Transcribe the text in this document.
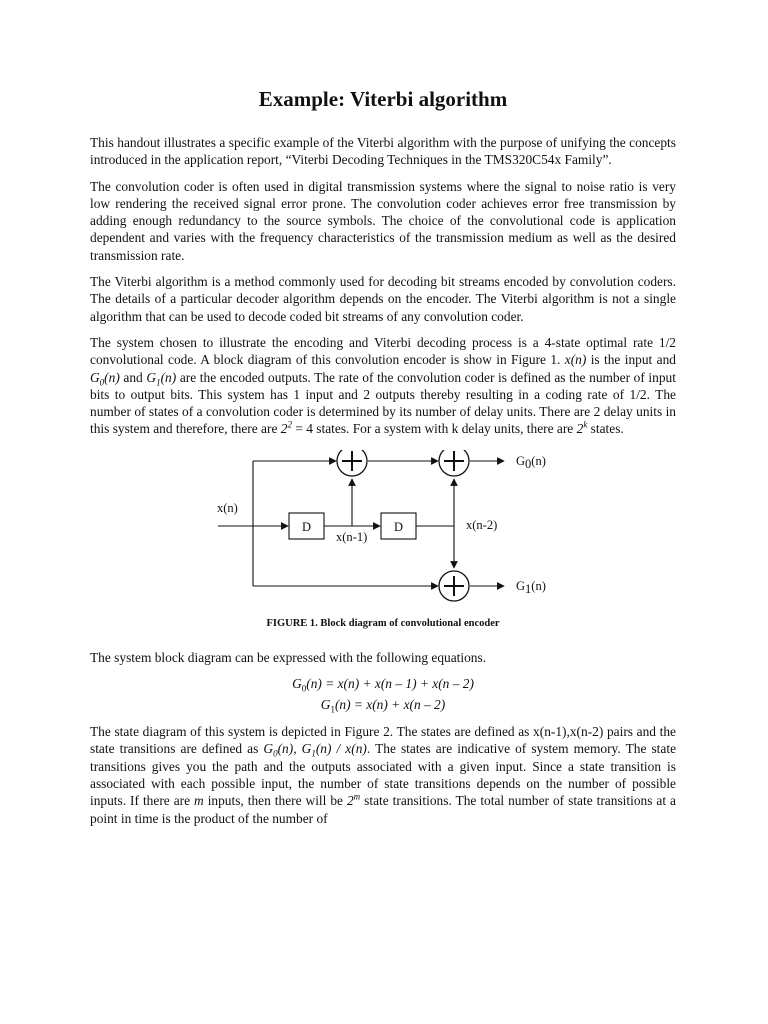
Example: Viterbi algorithm

This handout illustrates a specific example of the Viterbi algorithm with the purpose of unifying the concepts introduced in the application report, “Viterbi Decoding Techniques in the TMS320C54x Family”.

The convolution coder is often used in digital transmission systems where the signal to noise ratio is very low rendering the received signal error prone. The convolution coder achieves error free transmission by adding enough redundancy to the source symbols. The choice of the convolutional code is application dependent and varies with the frequency characteristics of the transmission medium as well as the desired transmission rate.

The Viterbi algorithm is a method commonly used for decoding bit streams encoded by convolution coders. The details of a particular decoder algorithm depends on the encoder. The Viterbi algorithm is not a single algorithm that can be used to decode coded bit streams of any convolution coder.

The system chosen to illustrate the encoding and Viterbi decoding process is a 4-state optimal rate 1/2 convolutional code. A block diagram of this convolution encoder is show in Figure 1. x(n) is the input and $G_0(n)$ and $G_1(n)$ are the encoded outputs. The rate of the convolution coder is defined as the number of input bits to output bits. This system has 1 input and 2 outputs thereby resulting in a coding rate of 1/2. The number of states of a convolution coder is determined by its number of delay units. There are 2 delay units in this system and therefore, there are $2^2 = 4$ states. For a system with k delay units, there are 2$^k$ states.

D	D
x(n)
x(n-1)
x(n-2)
G0(n)
G1(n)
FIGURE 1. Block diagram of convolutional encoder

The system block diagram can be expressed with the following equations.

$G_0(n) = x(n) + x(n - 1) + x(n - 2)$
$G_1(n) = x(n) + x(n - 2)$

The state diagram of this system is depicted in Figure 2. The states are defined as x(n-1),x(n-2) pairs and the state transitions are defined as $G_0(n)$, $G_1(n) / x(n)$. The states are indicative of system memory. The state transitions gives you the path and the outputs associated with a given input. Since a state transition is associated with each possible input, the number of state transitions depends on the number of possible inputs. If there are m inputs, then there will be 2$^m$ state transitions. The total number of state transitions at a point in time is the product of the number of
